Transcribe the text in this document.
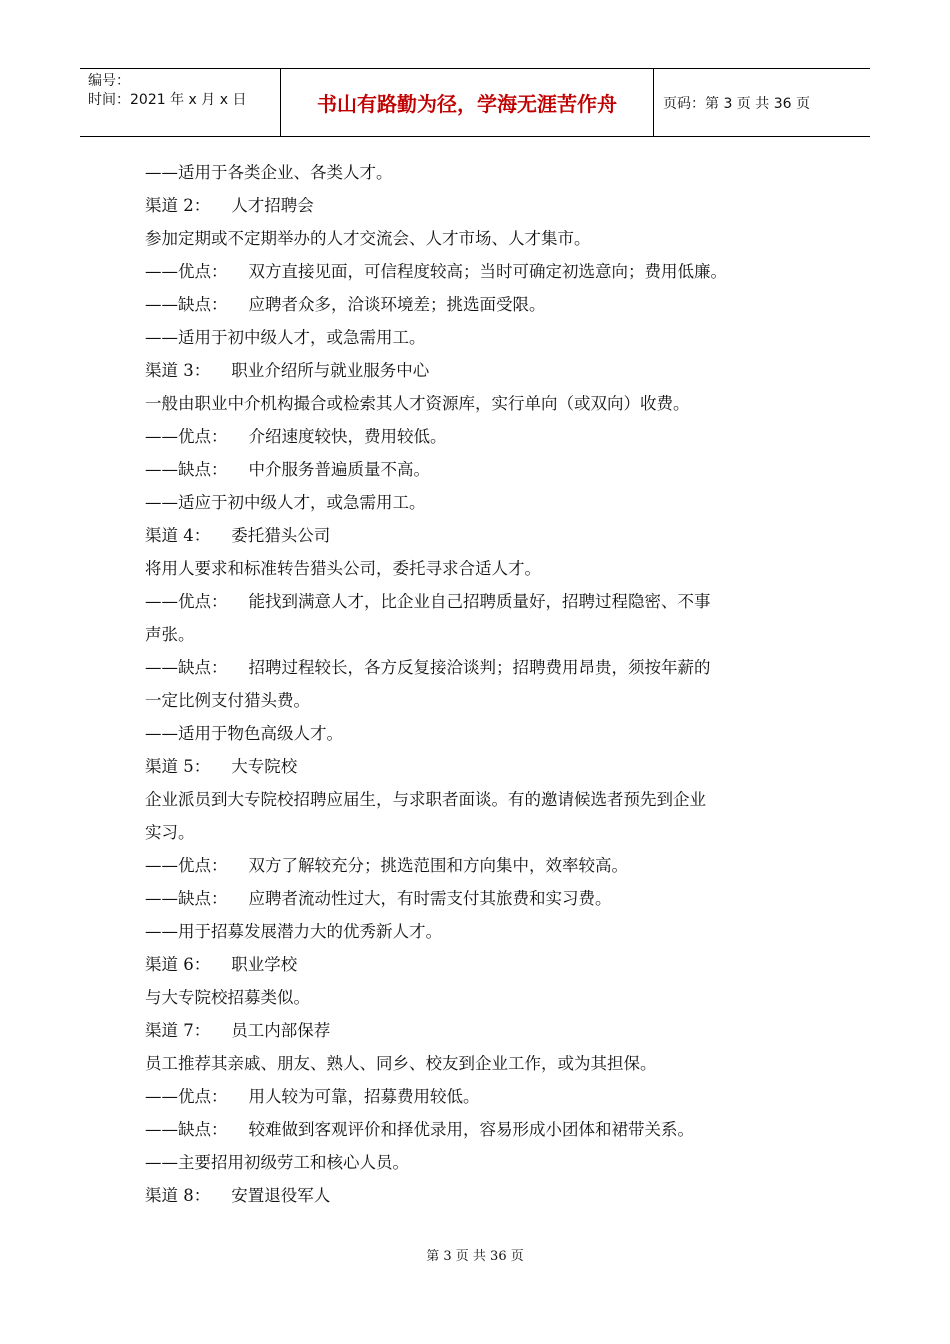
编号：
时间：2021 年 x 月 x 日	书山有路勤为径，学海无涯苦作舟	页码：第 3 页 共 36 页
——适用于各类企业、各类人才。
渠道 2：    人才招聘会
参加定期或不定期举办的人才交流会、人才市场、人才集市。
——优点：    双方直接见面，可信程度较高；当时可确定初选意向；费用低廉。
——缺点：    应聘者众多，洽谈环境差；挑选面受限。
——适用于初中级人才，或急需用工。
渠道 3：    职业介绍所与就业服务中心
一般由职业中介机构撮合或检索其人才资源库，实行单向（或双向）收费。
——优点：    介绍速度较快，费用较低。
——缺点：    中介服务普遍质量不高。
——适应于初中级人才，或急需用工。
渠道 4：    委托猎头公司
将用人要求和标准转告猎头公司，委托寻求合适人才。
——优点：    能找到满意人才，比企业自己招聘质量好，招聘过程隐密、不事
声张。
——缺点：    招聘过程较长，各方反复接洽谈判；招聘费用昂贵，须按年薪的
一定比例支付猎头费。
——适用于物色高级人才。
渠道 5：    大专院校
企业派员到大专院校招聘应届生，与求职者面谈。有的邀请候选者预先到企业
实习。
——优点：    双方了解较充分；挑选范围和方向集中，效率较高。
——缺点：    应聘者流动性过大，有时需支付其旅费和实习费。
——用于招募发展潜力大的优秀新人才。
渠道 6：    职业学校
与大专院校招募类似。
渠道 7：    员工内部保荐
员工推荐其亲戚、朋友、熟人、同乡、校友到企业工作，或为其担保。
——优点：    用人较为可靠，招募费用较低。
——缺点：    较难做到客观评价和择优录用，容易形成小团体和裙带关系。
——主要招用初级劳工和核心人员。
渠道 8：    安置退役军人
第 3 页 共 36 页
